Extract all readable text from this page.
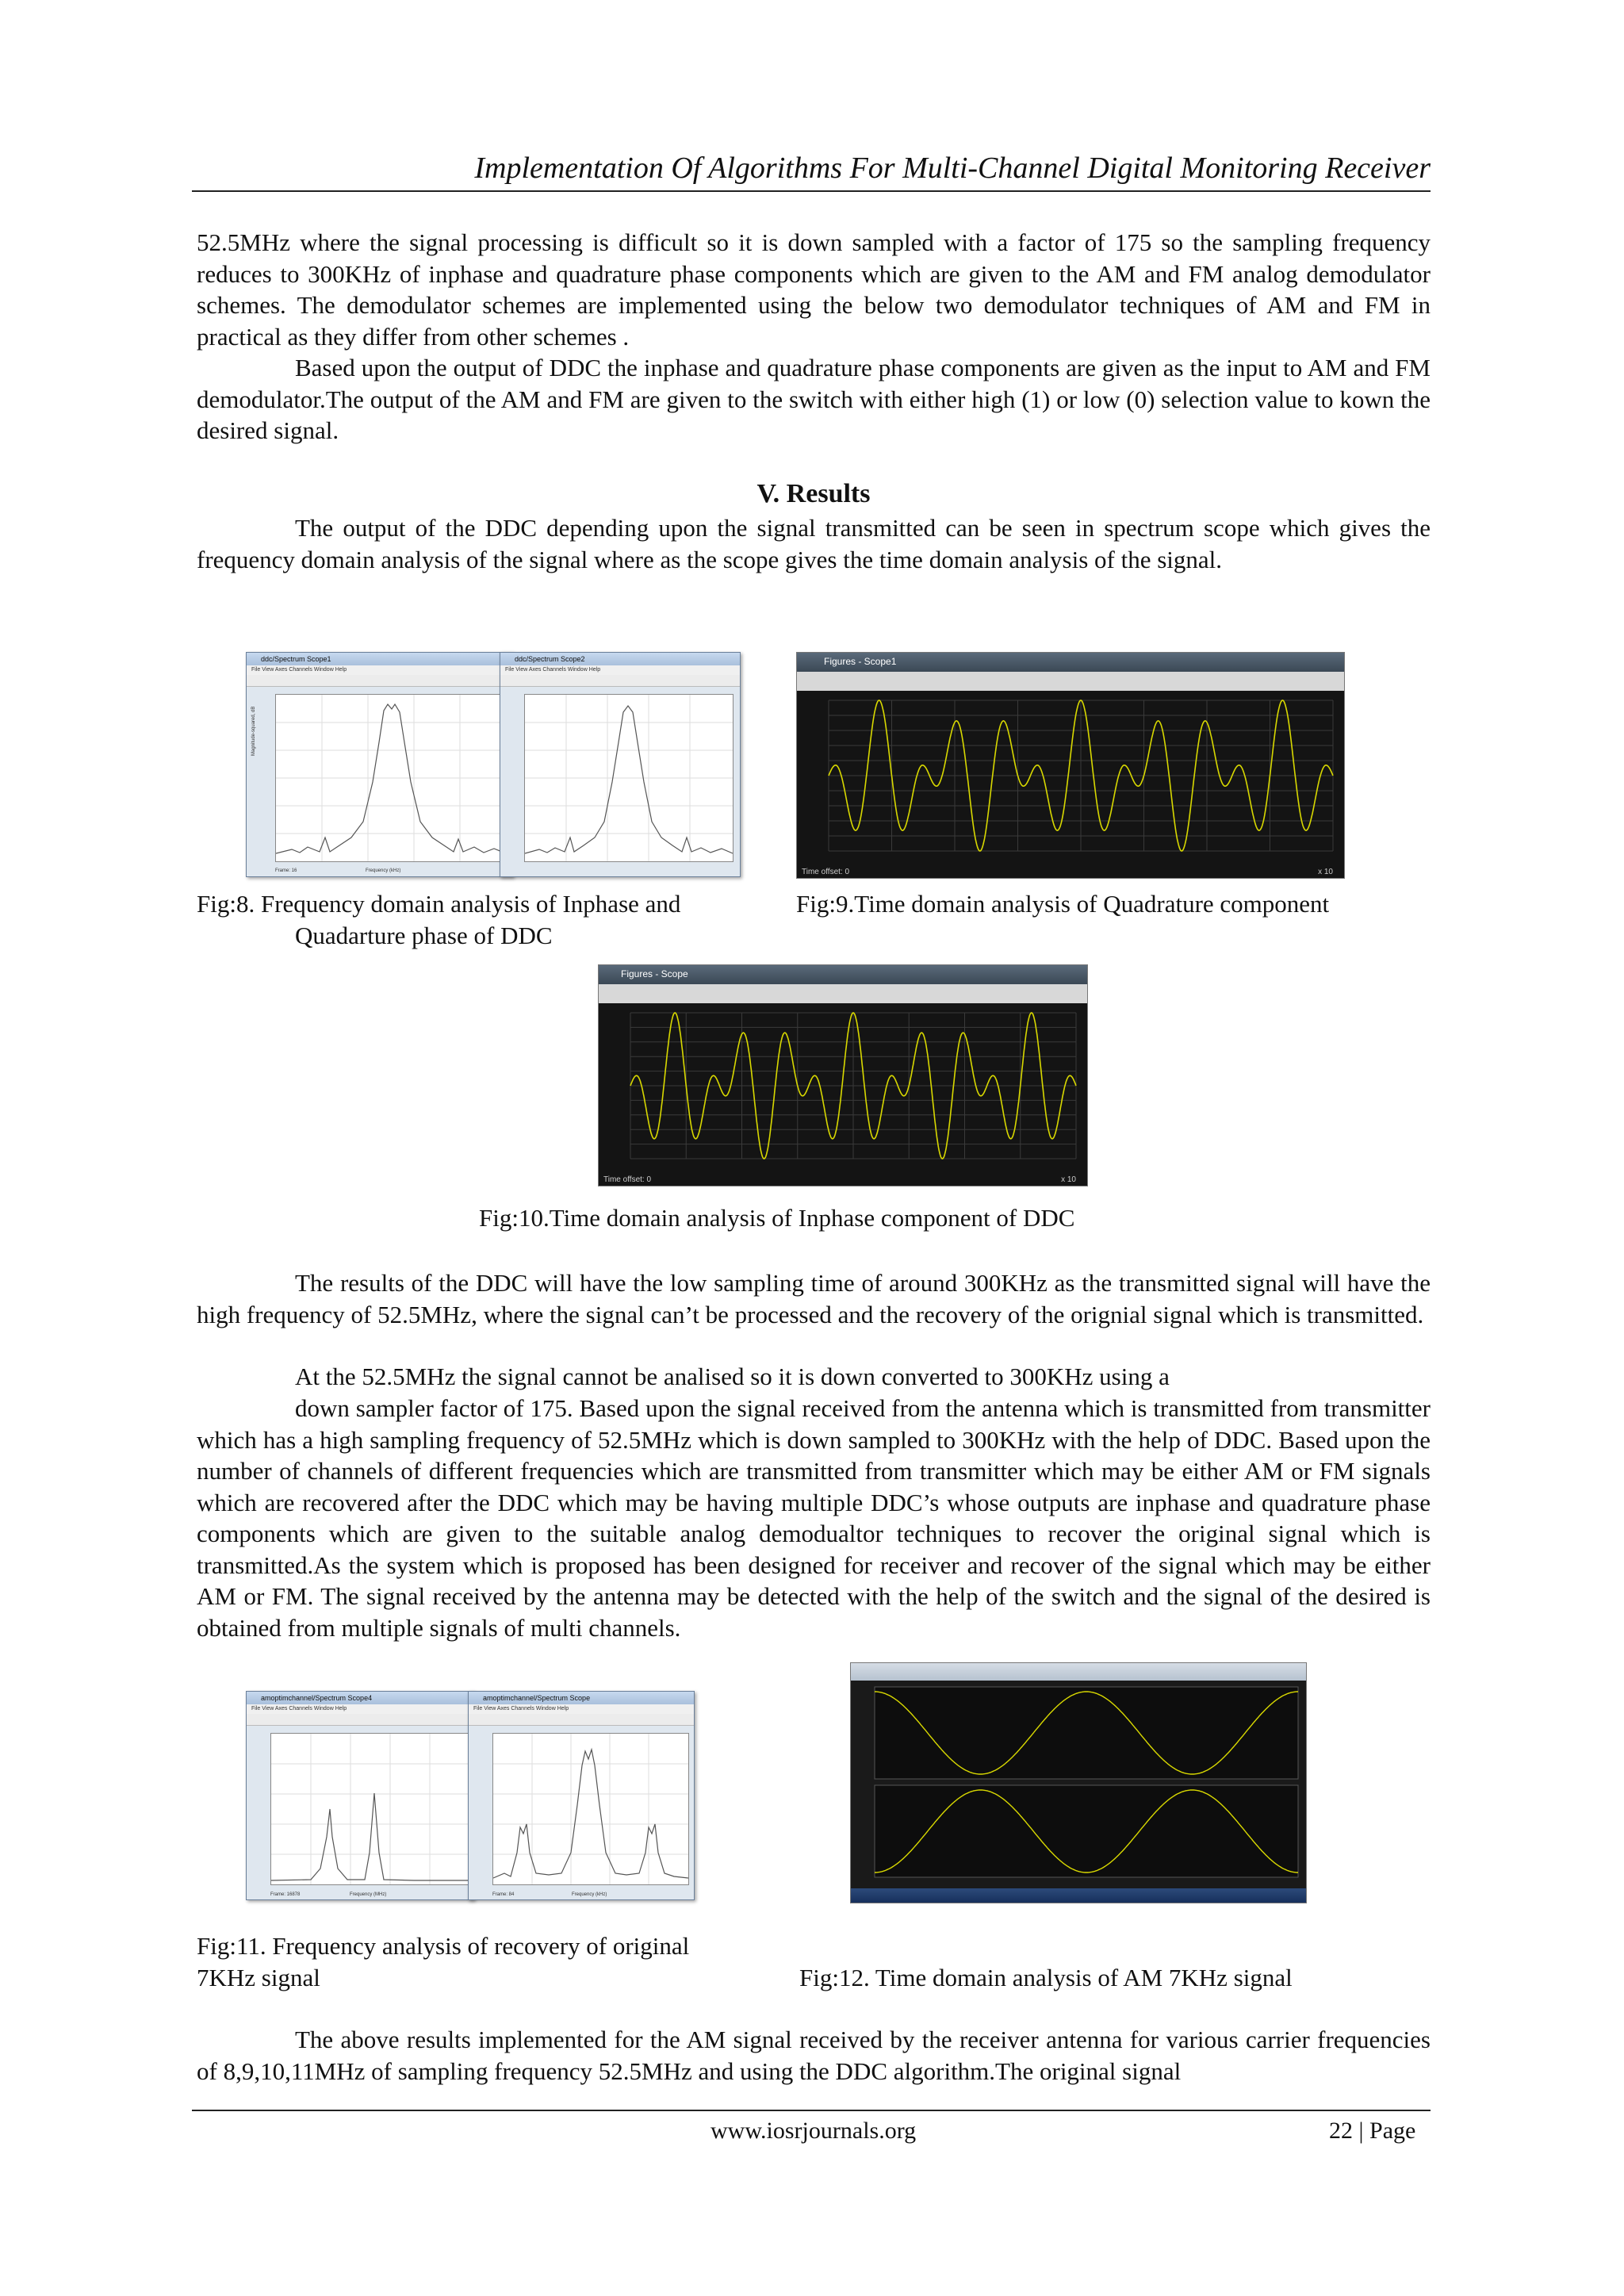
Implementation Of Algorithms For Multi-Channel Digital Monitoring Receiver
52.5MHz where the signal processing is difficult so it is down sampled with a factor of 175 so the sampling frequency reduces to 300KHz of inphase and quadrature phase components which are given to the AM and FM analog demodulator schemes. The demodulator schemes are implemented using the below two demodulator techniques of AM and FM in practical as they differ from other schemes .
Based upon the output of DDC the inphase and quadrature phase components are given as the input to AM and FM demodulator.The output of the AM and FM are given to the switch with either high (1) or low (0) selection value to kown the desired signal.
V. Results
The output of the DDC depending upon the signal transmitted can be seen in spectrum scope which gives the frequency domain analysis of the signal where as the scope gives the time domain analysis of the signal.
ddc/Spectrum Scope1
File View Axes Channels Window Help
Magnitude-squared, dB
Frame: 16	Frequency (kHz)
ddc/Spectrum Scope2
File View Axes Channels Window Help
Figures - Scope1
Time offset: 0	x 10
Fig:8. Frequency domain analysis of Inphase and
Quadarture phase of DDC
Fig:9.Time domain analysis of Quadrature component
Figures - Scope
Time offset: 0	x 10
Fig:10.Time domain analysis of Inphase component of DDC
The results of the DDC will have the low sampling time of around 300KHz as the transmitted signal will have the high frequency of 52.5MHz, where the signal can’t be processed and the recovery of the orignial signal which is transmitted.
At the 52.5MHz the signal cannot be analised so it is down converted to 300KHz using a
down sampler factor of 175. Based upon the signal received from the antenna which is transmitted from transmitter which has a high sampling frequency of 52.5MHz which is down sampled to 300KHz with the help of DDC. Based upon the number of channels of different frequencies which are transmitted from transmitter which may be either AM or FM signals which are recovered after the DDC which may be having multiple DDC’s whose outputs are inphase and quadrature phase components which are given to the suitable analog demodualtor techniques to recover the original signal which is transmitted.As the system which is proposed has been designed for receiver and recover of the signal which may be either AM or FM. The signal received by the antenna may be detected with the help of the switch and the signal of the desired is obtained from multiple signals of multi channels.
amoptimchannel/Spectrum Scope4
File View Axes Channels Window Help
Frame: 16878	Frequency (MHz)
amoptimchannel/Spectrum Scope
File View Axes Channels Window Help
Frame: 84	Frequency (kHz)
Fig:11. Frequency analysis of recovery of original
7KHz signal	Fig:12. Time domain analysis of AM 7KHz signal
The above results implemented for the AM signal received by the receiver antenna for various carrier frequencies of 8,9,10,11MHz of sampling frequency 52.5MHz and using the DDC algorithm.The original signal
www.iosrjournals.org	22 | Page
